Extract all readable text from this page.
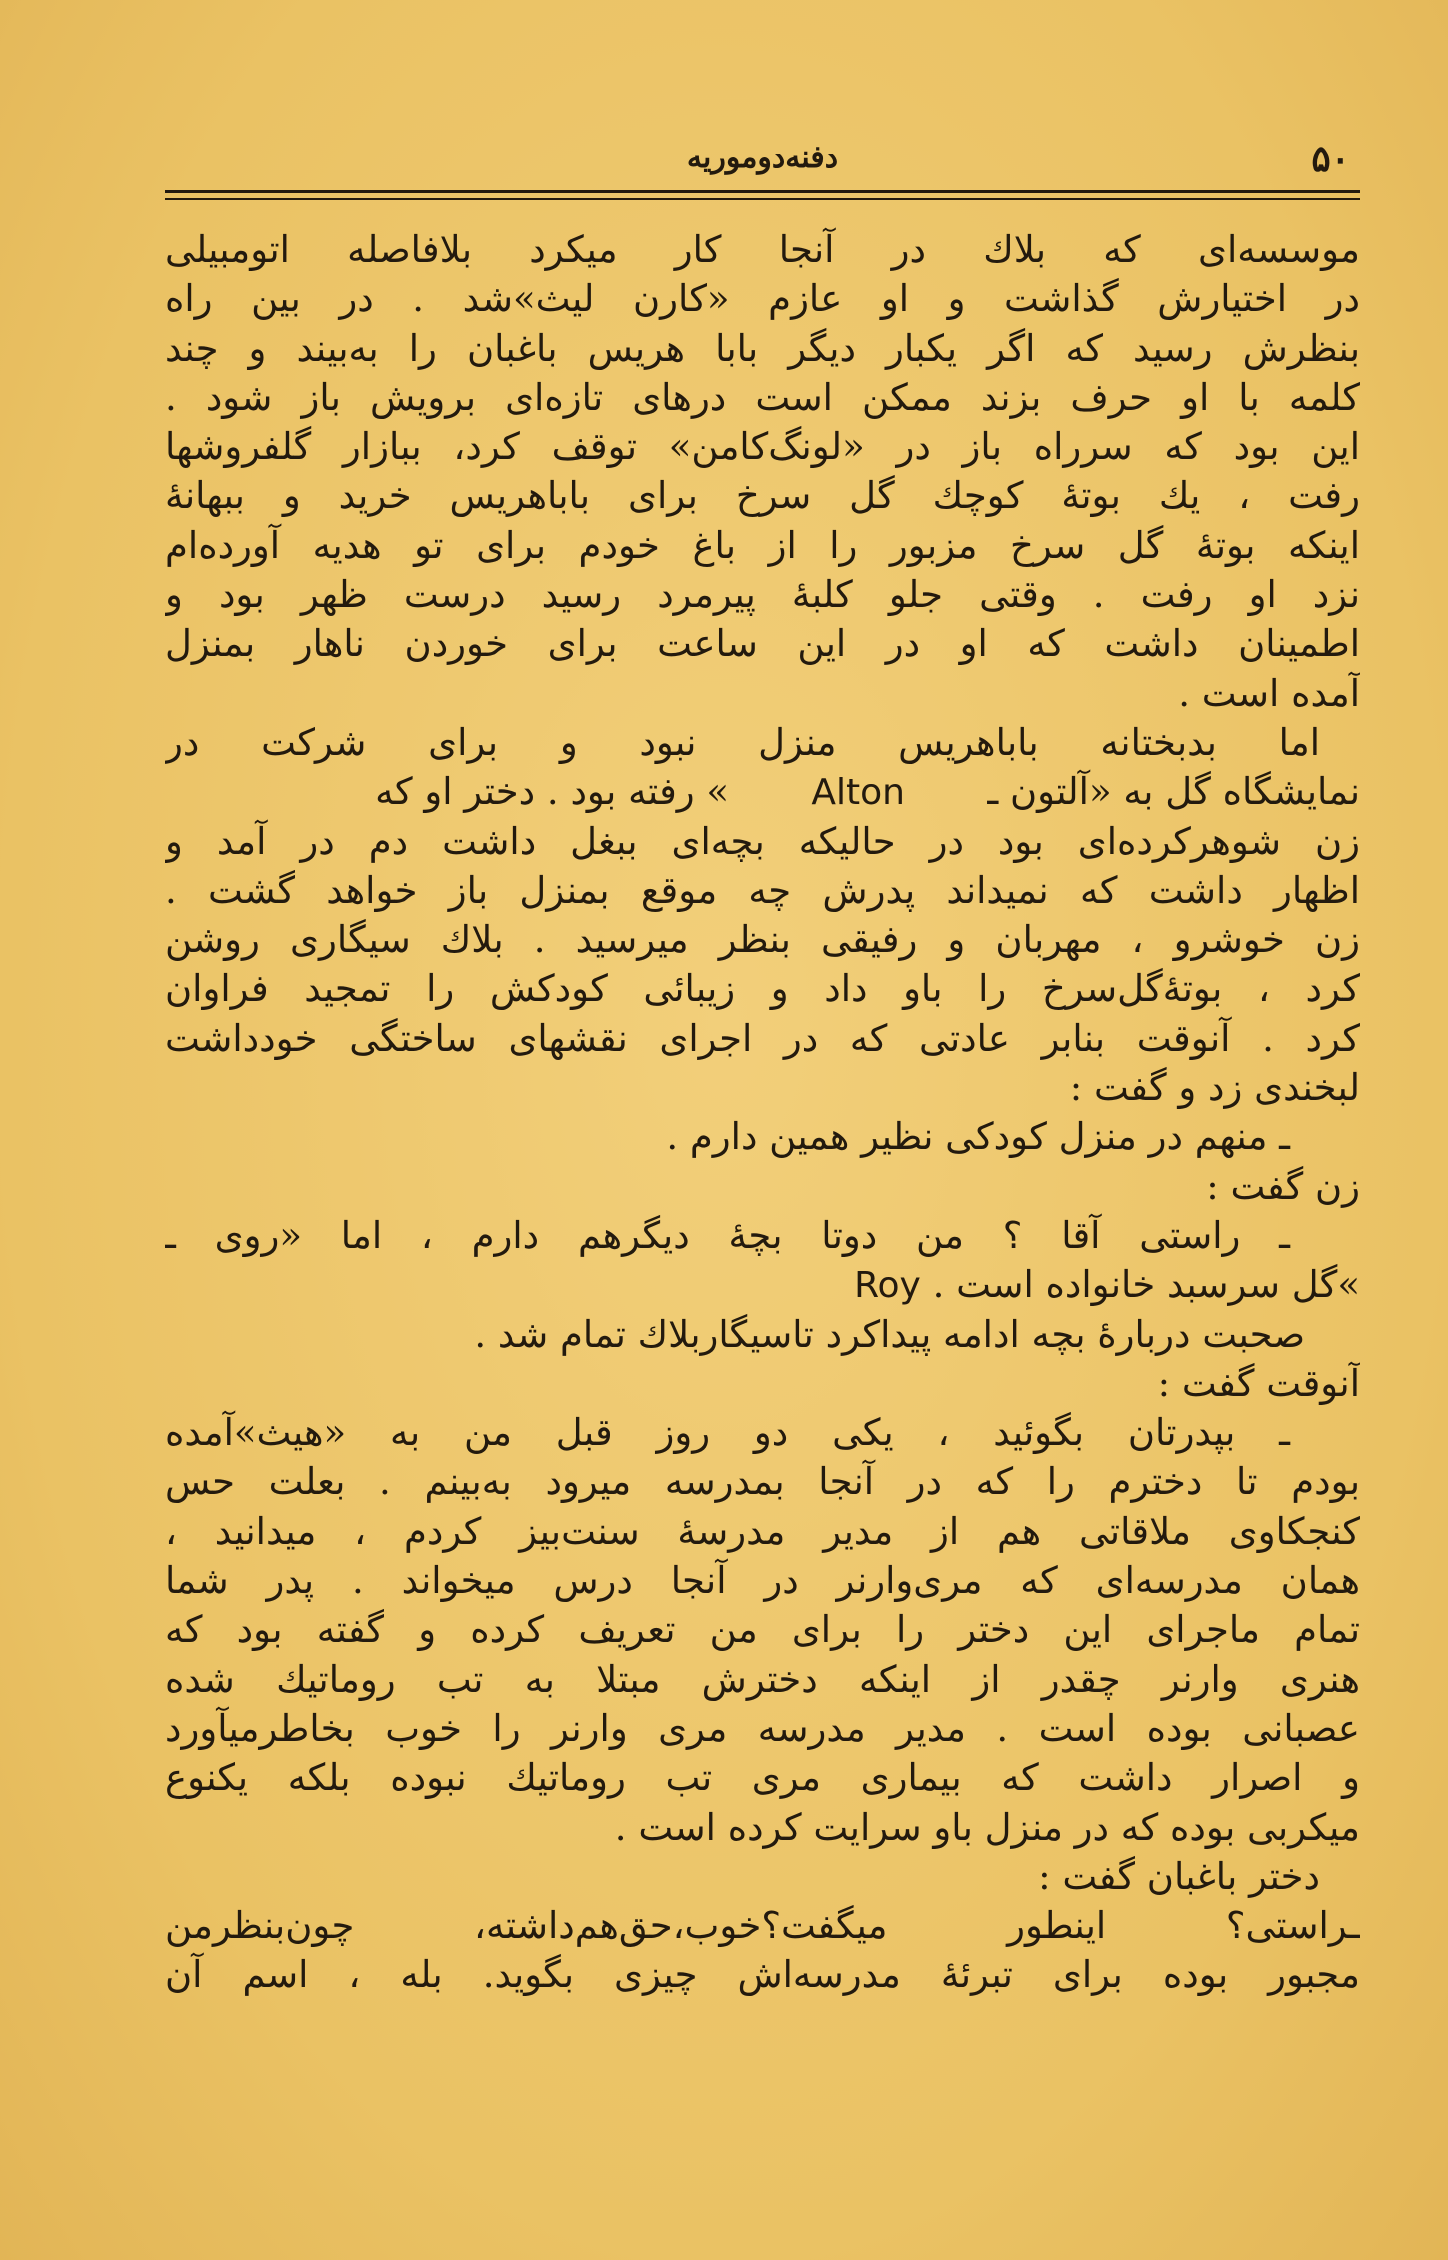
۵۰
دفنه‌دوموریه
موسسه‌ای که بلاك در آنجا کار میکرد بلافاصله اتومبیلی
در اختیارش گذاشت و او عازم «کارن لیث»شد . در بین راه
بنظرش رسید که اگر یکبار دیگر بابا هریس باغبان را به‌بیند و چند
کلمه با او حرف بزند ممکن است درهای تازه‌ای برویش باز شود .
این بود که سرراه باز در «لونگ‌کامن» توقف کرد، ببازار گلفروشها
رفت ، یك بوتهٔ کوچك گل سرخ برای باباهریس خرید و ببهانهٔ
اینکه بوتهٔ گل سرخ مزبور را از باغ خودم برای تو هدیه آورده‌ام
نزد او رفت . وقتی جلو کلبهٔ پیرمرد رسید درست ظهر بود و
اطمینان داشت که او در این ساعت برای خوردن ناهار بمنزل
آمده است .
اما بدبختانه باباهریس منزل نبود و برای شرکت در
نمایشگاه گل به «آلتون ـ       Alton       » رفته بود . دختر او که
زن شوهرکرده‌ای بود در حالیکه بچه‌ای ببغل داشت دم در آمد و
اظهار داشت که نمیداند پدرش چه موقع بمنزل باز خواهد گشت .
زن خوشرو ، مهربان و رفیقی بنظر میرسید . بلاك سیگاری روشن
کرد ، بوتهٔ‌گل‌سرخ را باو داد و زیبائی کودکش را تمجید فراوان
کرد . آنوقت بنابر عادتی که در اجرای نقشهای ساختگی خودداشت
لبخندی زد و گفت :
ـ منهم در منزل کودکی نظیر همین دارم .
زن گفت :
ـ راستی آقا ؟ من دوتا بچهٔ دیگرهم دارم ، اما «روی ـ
»گل سرسبد خانواده است . Roy
صحبت دربارهٔ بچه ادامه پیداکرد تاسیگاربلاك تمام شد .
آنوقت گفت :
ـ بپدرتان بگوئید ، یکی دو روز قبل من به «هیث»آمده
بودم تا دخترم را که در آنجا بمدرسه میرود به‌بینم . بعلت حس
کنجکاوی ملاقاتی هم از مدیر مدرسهٔ سنت‌بیز کردم ، میدانید ،
همان مدرسه‌ای که مری‌وارنر در آنجا درس میخواند . پدر شما
تمام ماجرای این دختر را برای من تعریف کرده و گفته بود که
هنری وارنر چقدر از اینکه دخترش مبتلا به تب روماتیك شده
عصبانی بوده است . مدیر مدرسه مری وارنر را خوب بخاطرمیآورد
و اصرار داشت که بیماری مری تب روماتیك نبوده بلکه یکنوع
میکربی بوده که در منزل باو سرایت کرده است .
دختر باغبان گفت :
ـراستی؟ اینطور میگفت؟خوب،حق‌هم‌داشته، چون‌بنظرمن
مجبور بوده برای تبرئهٔ مدرسه‌اش چیزی بگوید. بله ، اسم آن
